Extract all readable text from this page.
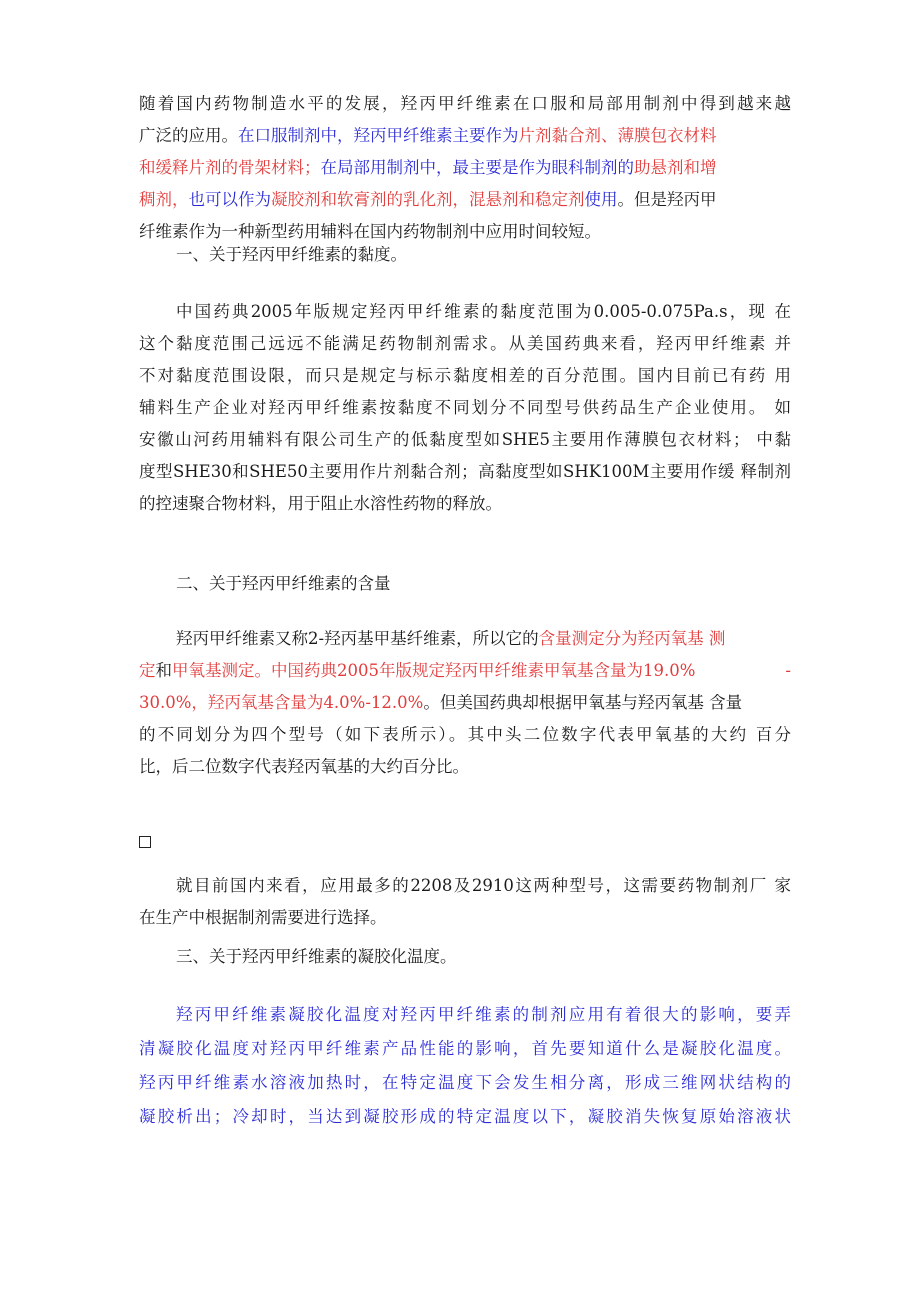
随着国内药物制造水平的发展，羟丙甲纤维素在口服和局部用制剂中得到越来越
广泛的应用。在口服制剂中，羟丙甲纤维素主要作为片剂黏合剂、薄膜包衣材料
和缓释片剂的骨架材料；在局部用制剂中，最主要是作为眼科制剂的助悬剂和增
稠剂，也可以作为凝胶剂和软膏剂的乳化剂，混悬剂和稳定剂使用。但是羟丙甲
纤维素作为一种新型药用辅料在国内药物制剂中应用时间较短。
一、关于羟丙甲纤维素的黏度。
中国药典2005年版规定羟丙甲纤维素的黏度范围为0.005-0.075Pa.s，现 在
这个黏度范围己远远不能满足药物制剂需求。从美国药典来看，羟丙甲纤维素 并
不对黏度范围设限，而只是规定与标示黏度相差的百分范围。国内目前已有药 用
辅料生产企业对羟丙甲纤维素按黏度不同划分不同型号供药品生产企业使用。 如
安徽山河药用辅料有限公司生产的低黏度型如SHE5主要用作薄膜包衣材料； 中黏
度型SHE30和SHE50主要用作片剂黏合剂；高黏度型如SHK100M主要用作缓 释制剂
的控速聚合物材料，用于阻止水溶性药物的释放。
二、关于羟丙甲纤维素的含量
羟丙甲纤维素又称2-羟丙基甲基纤维素，所以它的含量测定分为羟丙氧基 测
定和甲氧基测定。中国药典2005年版规定羟丙甲纤维素甲氧基含量为19.0%	-
30.0%，羟丙氧基含量为4.0%-12.0%。但美国药典却根据甲氧基与羟丙氧基 含量
的不同划分为四个型号（如下表所示）。其中头二位数字代表甲氧基的大约 百分
比，后二位数字代表羟丙氧基的大约百分比。
就目前国内来看，应用最多的2208及2910这两种型号，这需要药物制剂厂 家
在生产中根据制剂需要进行选择。
三、关于羟丙甲纤维素的凝胶化温度。
羟丙甲纤维素凝胶化温度对羟丙甲纤维素的制剂应用有着很大的影响，要弄
清凝胶化温度对羟丙甲纤维素产品性能的影响，首先要知道什么是凝胶化温度。
羟丙甲纤维素水溶液加热时，在特定温度下会发生相分离，形成三维网状结构的
凝胶析出；冷却时，当达到凝胶形成的特定温度以下，凝胶消失恢复原始溶液状
